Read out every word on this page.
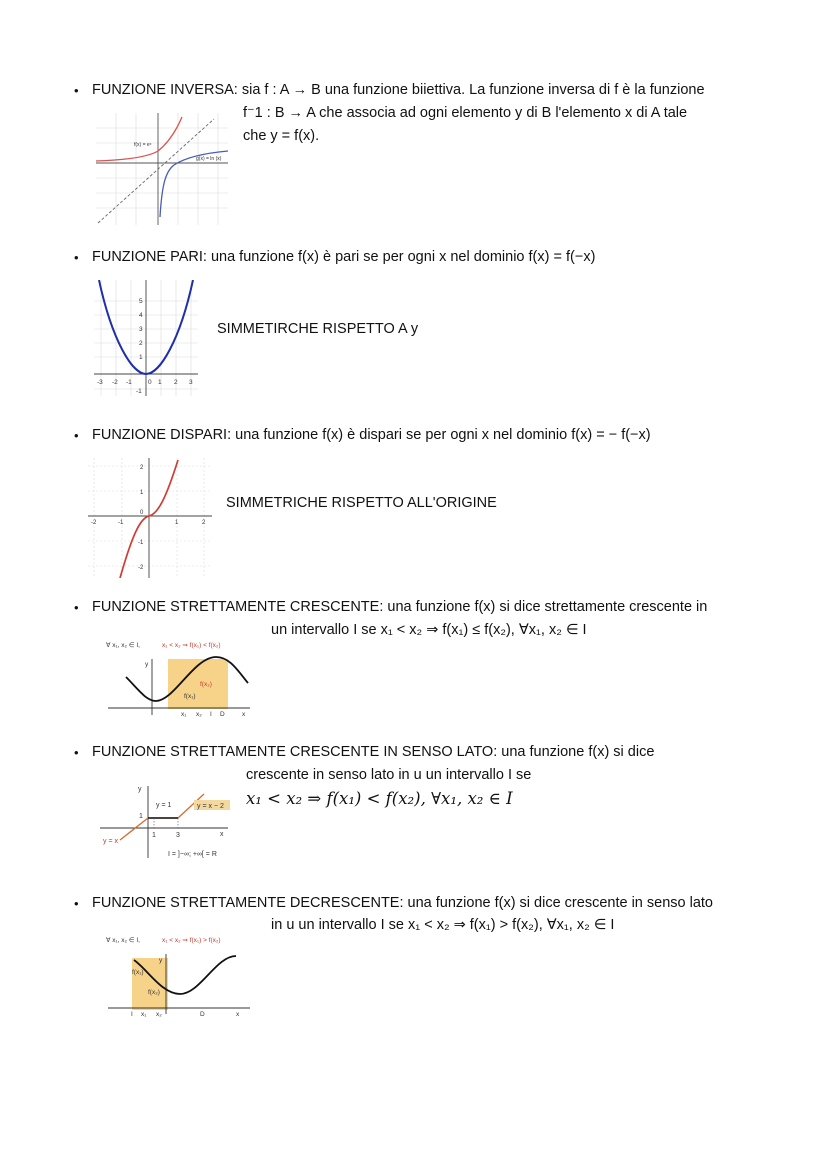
• FUNZIONE INVERSA: sia f : A → B una funzione biiettiva. La funzione inversa di f è la funzione
f⁻1 : B → A che associa ad ogni elemento y di B l'elemento x di A tale
che y = f(x).
f(x) = eˣ
g(x) = ln (x)
• FUNZIONE PARI: una funzione f(x) è pari se per ogni x nel dominio f(x) = f(−x)
SIMMETIRCHE RISPETTO A y
5
4
3
2
1
-3 -2 -1 0 1 2 3
-1
• FUNZIONE DISPARI: una funzione f(x) è dispari se per ogni x nel dominio f(x) = − f(−x)
SIMMETRICHE RISPETTO ALL'ORIGINE
2
1
0
-1
-2
-2	-1	1	2
• FUNZIONE STRETTAMENTE CRESCENTE: una funzione f(x) si dice strettamente crescente in
un intervallo I se x₁ < x₂ ⇒ f(x₁) ≤ f(x₂), ∀x₁, x₂ ∈ I
∀ x₁, x₂ ∈ I,	x₁ < x₂ ⇒ f(x₁) < f(x₂)
y
f(x₂)
f(x₁)
x₁ x₂ I D	x
• FUNZIONE STRETTAMENTE CRESCENTE IN SENSO LATO: una funzione f(x) si dice
crescente in senso lato in u un intervallo I se
x₁ < x₂ ⇒ f(x₁) < f(x₂), ∀x₁, x₂ ∈ I
y
y = 1	y = x − 2
1
1	3	x
y = x
I = ]−∞; +∞[ = R
• FUNZIONE STRETTAMENTE DECRESCENTE: una funzione f(x) si dice crescente in senso lato
in u un intervallo I se x₁ < x₂ ⇒ f(x₁) > f(x₂), ∀x₁, x₂ ∈ I
∀ x₁, x₂ ∈ I,	x₁ < x₂ ⇒ f(x₁) > f(x₂)
y
f(x₁)
f(x₂)
I x₁ x₂	D	x
